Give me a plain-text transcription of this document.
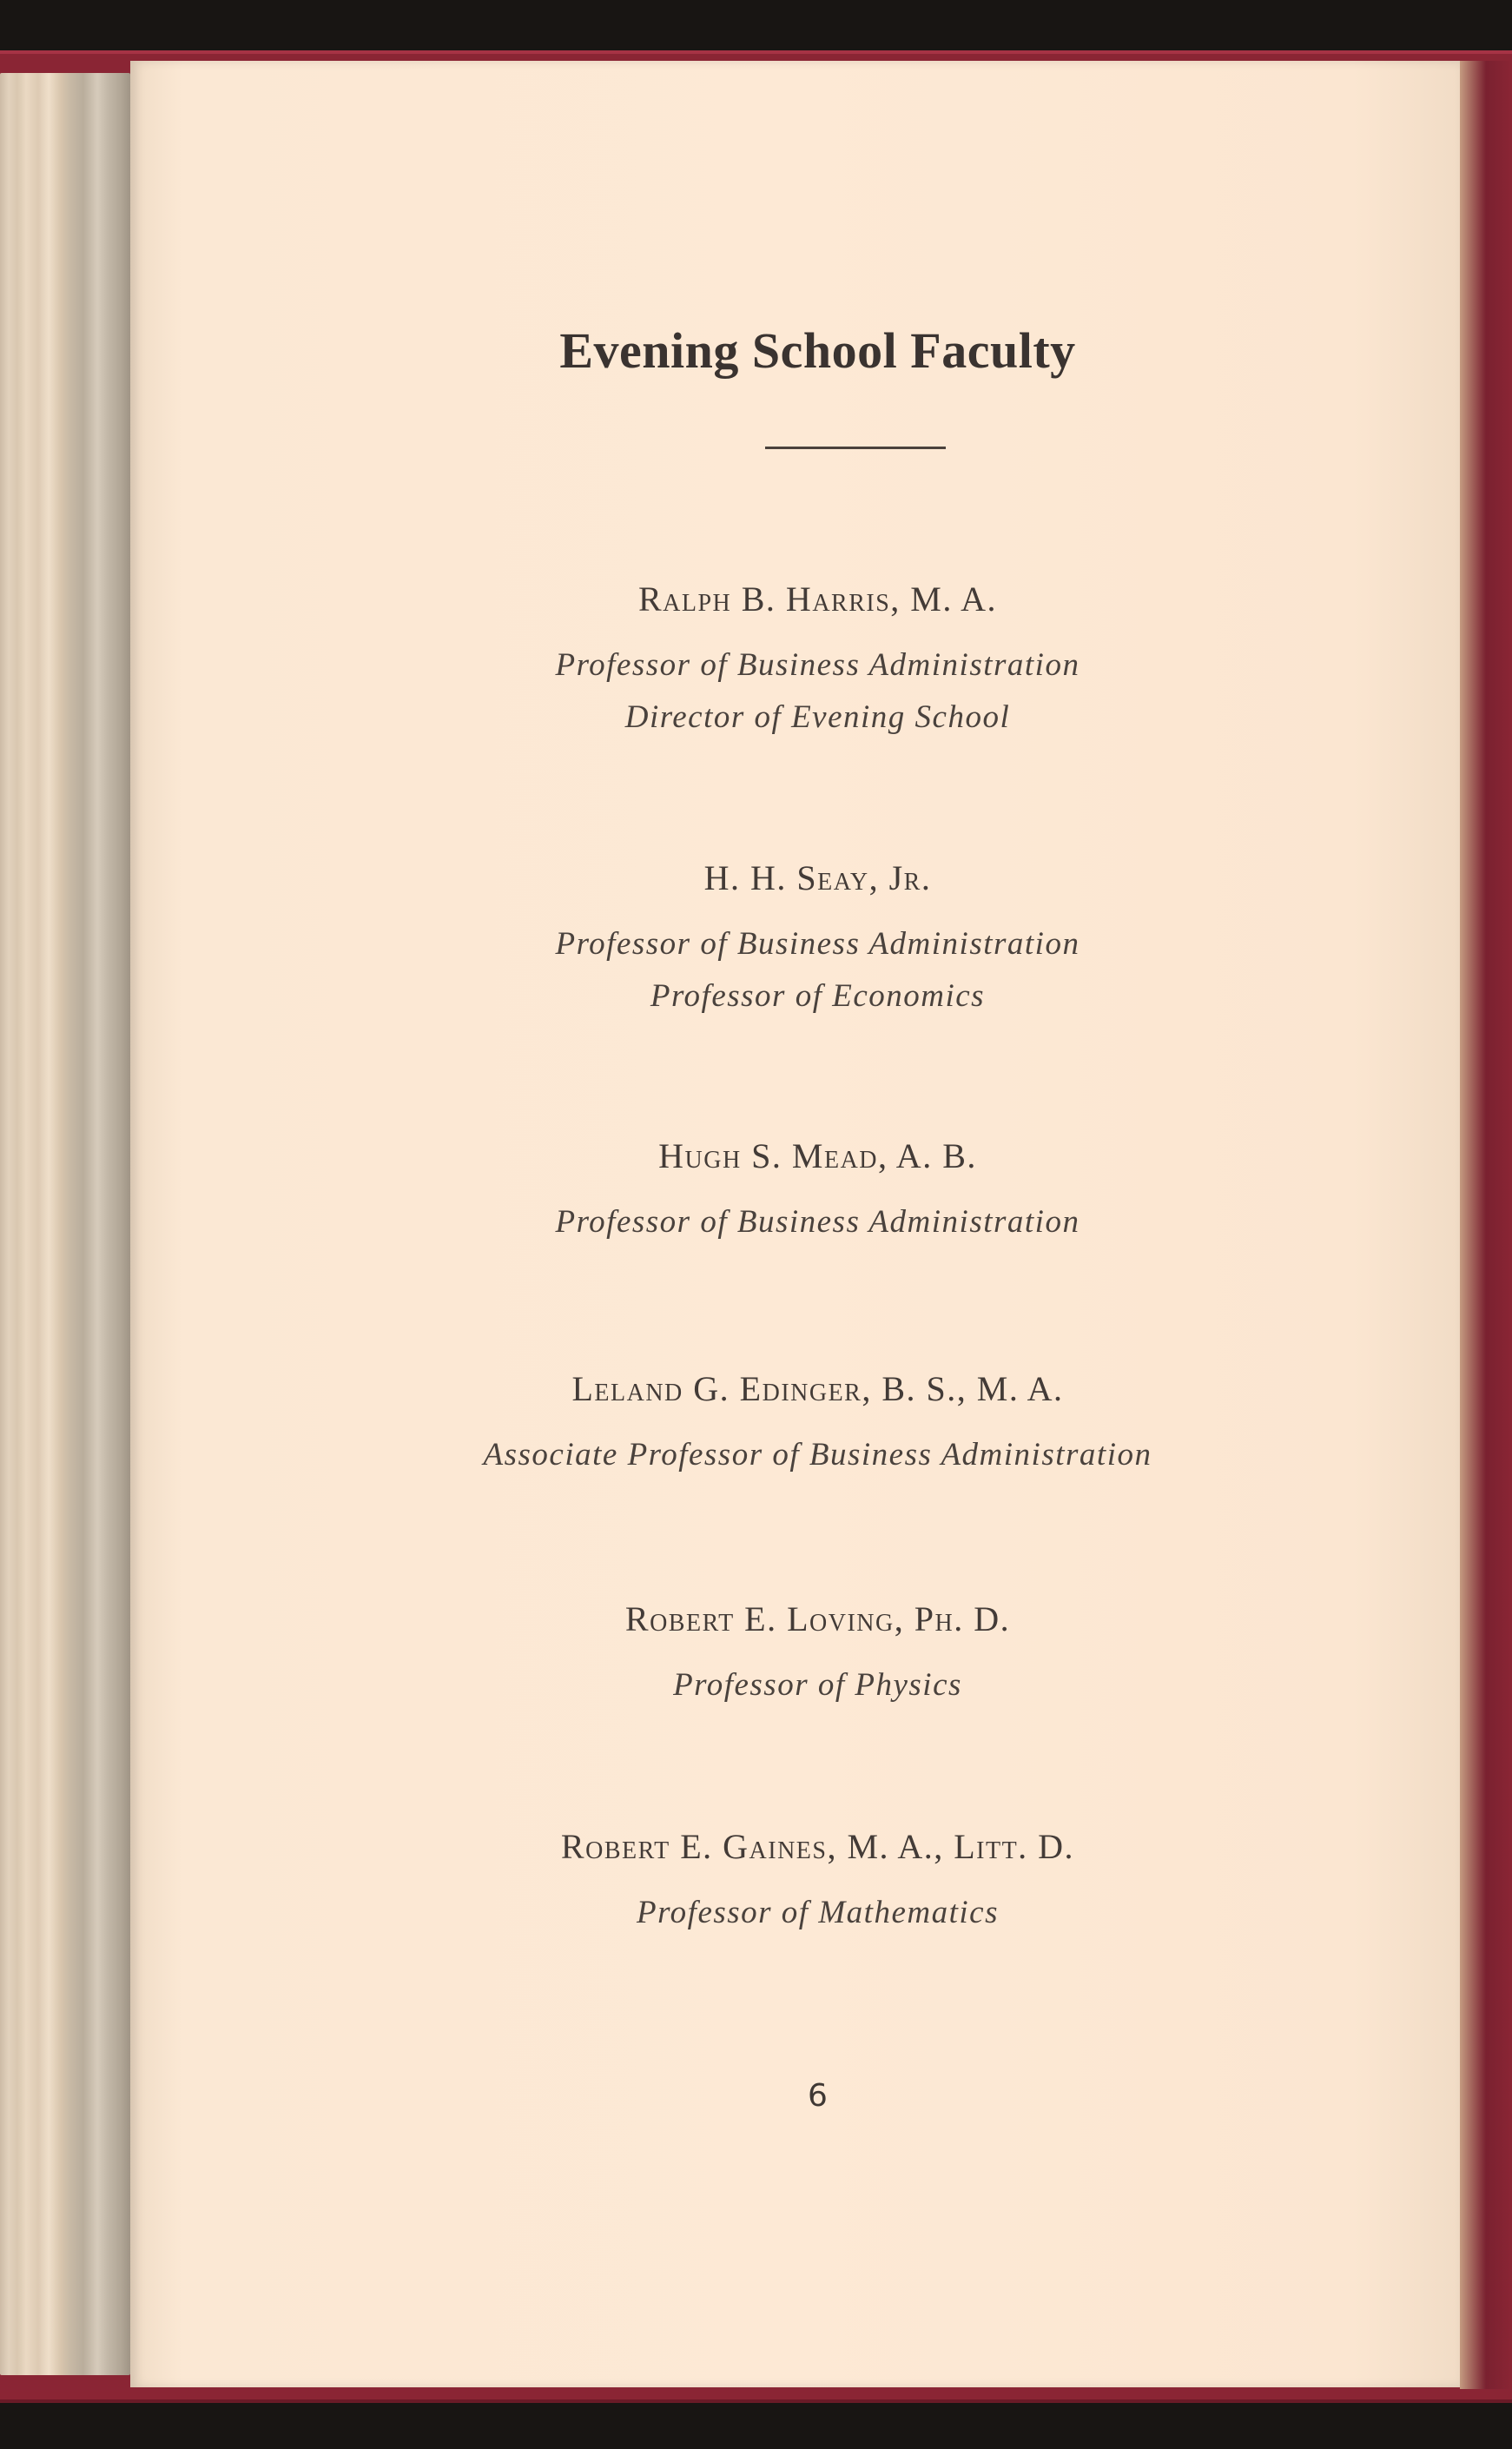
Evening School Faculty
Ralph B. Harris, M. A.
Professor of Business Administration
Director of Evening School
H. H. Seay, Jr.
Professor of Business Administration
Professor of Economics
Hugh S. Mead, A. B.
Professor of Business Administration
Leland G. Edinger, B. S., M. A.
Associate Professor of Business Administration
Robert E. Loving, Ph. D.
Professor of Physics
Robert E. Gaines, M. A., Litt. D.
Professor of Mathematics
6
